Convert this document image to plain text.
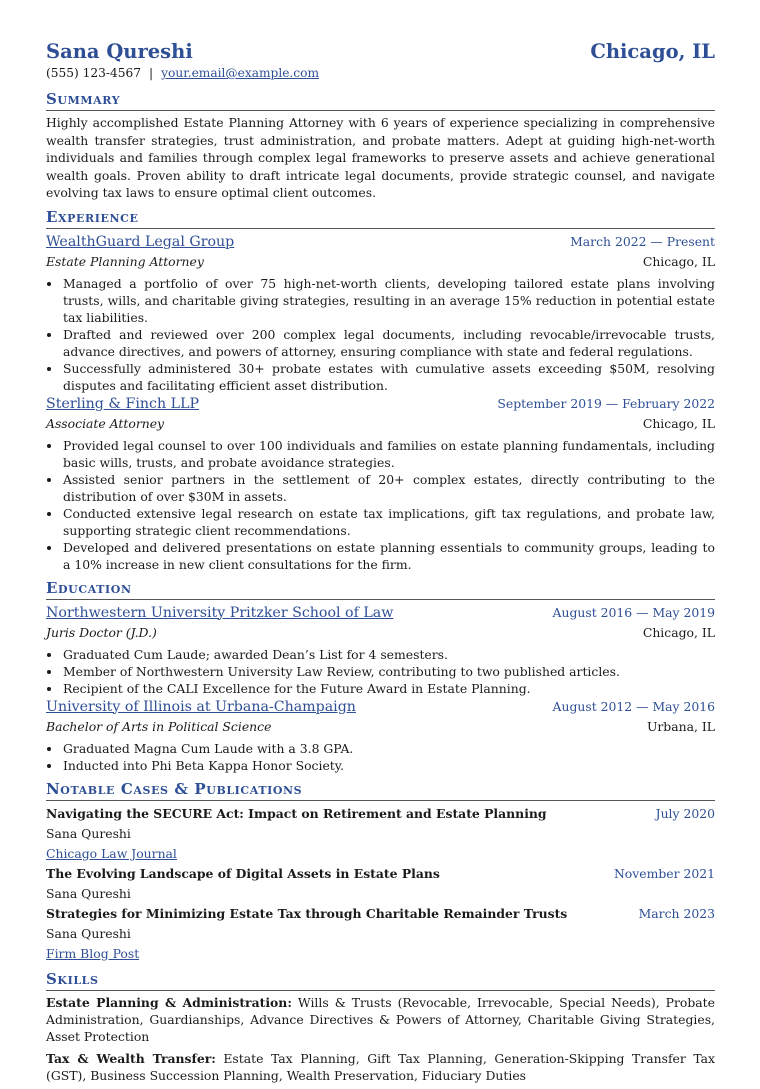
Sana Qureshi	Chicago, IL
(555) 123-4567 | your.email@example.com
Summary
Highly accomplished Estate Planning Attorney with 6 years of experience specializing in comprehensive wealth transfer strategies, trust administration, and probate matters. Adept at guiding high-net-worth individuals and families through complex legal frameworks to preserve assets and achieve generational wealth goals. Proven ability to draft intricate legal documents, provide strategic counsel, and navigate evolving tax laws to ensure optimal client outcomes.
Experience
WealthGuard Legal Group	March 2022 — Present
Estate Planning Attorney	Chicago, IL
• Managed a portfolio of over 75 high-net-worth clients, developing tailored estate plans involving trusts, wills, and charitable giving strategies, resulting in an average 15% reduction in potential estate tax liabilities.
• Drafted and reviewed over 200 complex legal documents, including revocable/irrevocable trusts, advance directives, and powers of attorney, ensuring compliance with state and federal regulations.
• Successfully administered 30+ probate estates with cumulative assets exceeding $50M, resolving disputes and facilitating efficient asset distribution.
Sterling & Finch LLP	September 2019 — February 2022
Associate Attorney	Chicago, IL
• Provided legal counsel to over 100 individuals and families on estate planning fundamentals, including basic wills, trusts, and probate avoidance strategies.
• Assisted senior partners in the settlement of 20+ complex estates, directly contributing to the distribution of over $30M in assets.
• Conducted extensive legal research on estate tax implications, gift tax regulations, and probate law, supporting strategic client recommendations.
• Developed and delivered presentations on estate planning essentials to community groups, leading to a 10% increase in new client consultations for the firm.
Education
Northwestern University Pritzker School of Law	August 2016 — May 2019
Juris Doctor (J.D.)	Chicago, IL
• Graduated Cum Laude; awarded Dean’s List for 4 semesters.
• Member of Northwestern University Law Review, contributing to two published articles.
• Recipient of the CALI Excellence for the Future Award in Estate Planning.
University of Illinois at Urbana-Champaign	August 2012 — May 2016
Bachelor of Arts in Political Science	Urbana, IL
• Graduated Magna Cum Laude with a 3.8 GPA.
• Inducted into Phi Beta Kappa Honor Society.
Notable Cases & Publications
Navigating the SECURE Act: Impact on Retirement and Estate Planning	July 2020
Sana Qureshi
Chicago Law Journal
The Evolving Landscape of Digital Assets in Estate Plans	November 2021
Sana Qureshi
Strategies for Minimizing Estate Tax through Charitable Remainder Trusts	March 2023
Sana Qureshi
Firm Blog Post
Skills
Estate Planning & Administration: Wills & Trusts (Revocable, Irrevocable, Special Needs), Probate Administration, Guardianships, Advance Directives & Powers of Attorney, Charitable Giving Strategies, Asset Protection
Tax & Wealth Transfer: Estate Tax Planning, Gift Tax Planning, Generation-Skipping Transfer Tax (GST), Business Succession Planning, Wealth Preservation, Fiduciary Duties
